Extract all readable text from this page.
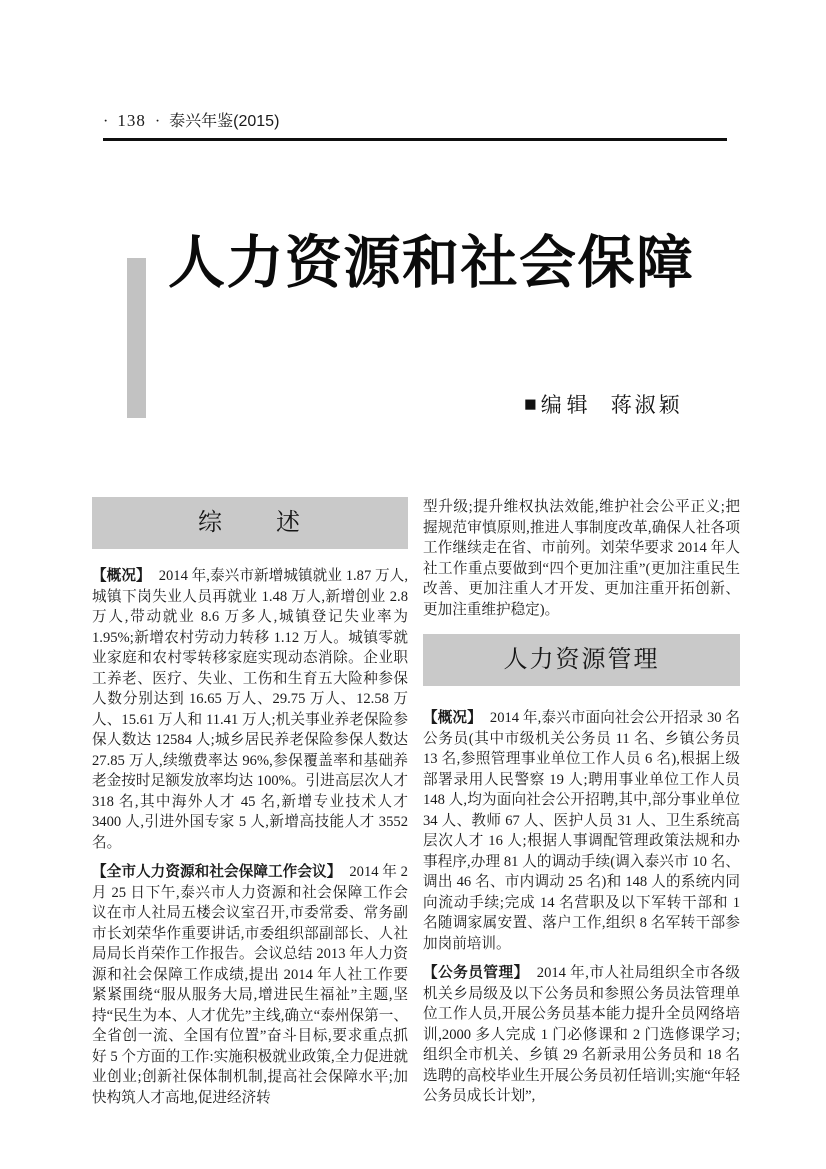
· 138 · 泰兴年鉴(2015)
人力资源和社会保障
■ 编辑 蒋淑颖
综　　述

【概况】 2014 年,泰兴市新增城镇就业 1.87 万人,城镇下岗失业人员再就业 1.48 万人,新增创业 2.8 万人,带动就业 8.6 万多人,城镇登记失业率为 1.95%;新增农村劳动力转移 1.12 万人。城镇零就业家庭和农村零转移家庭实现动态消除。企业职工养老、医疗、失业、工伤和生育五大险种参保人数分别达到 16.65 万人、29.75 万人、12.58 万人、15.61 万人和 11.41 万人;机关事业养老保险参保人数达 12584 人;城乡居民养老保险参保人数达 27.85 万人,续缴费率达 96%,参保覆盖率和基础养老金按时足额发放率均达 100%。引进高层次人才 318 名,其中海外人才 45 名,新增专业技术人才 3400 人,引进外国专家 5 人,新增高技能人才 3552 名。

【全市人力资源和社会保障工作会议】 2014 年 2 月 25 日下午,泰兴市人力资源和社会保障工作会议在市人社局五楼会议室召开,市委常委、常务副市长刘荣华作重要讲话,市委组织部副部长、人社局局长肖荣作工作报告。会议总结 2013 年人力资源和社会保障工作成绩,提出 2014 年人社工作要紧紧围绕“服从服务大局,增进民生福祉”主题,坚持“民生为本、人才优先”主线,确立“泰州保第一、全省创一流、全国有位置”奋斗目标,要求重点抓好 5 个方面的工作:实施积极就业政策,全力促进就业创业;创新社保体制机制,提高社会保障水平;加快构筑人才高地,促进经济转

型升级;提升维权执法效能,维护社会公平正义;把握规范审慎原则,推进人事制度改革,确保人社各项工作继续走在省、市前列。刘荣华要求 2014 年人社工作重点要做到“四个更加注重”(更加注重民生改善、更加注重人才开发、更加注重开拓创新、更加注重维护稳定)。

人力资源管理

【概况】 2014 年,泰兴市面向社会公开招录 30 名公务员(其中市级机关公务员 11 名、乡镇公务员 13 名,参照管理事业单位工作人员 6 名),根据上级部署录用人民警察 19 人;聘用事业单位工作人员 148 人,均为面向社会公开招聘,其中,部分事业单位 34 人、教师 67 人、医护人员 31 人、卫生系统高层次人才 16 人;根据人事调配管理政策法规和办事程序,办理 81 人的调动手续(调入泰兴市 10 名、调出 46 名、市内调动 25 名)和 148 人的系统内同向流动手续;完成 14 名营职及以下军转干部和 1 名随调家属安置、落户工作,组织 8 名军转干部参加岗前培训。

【公务员管理】 2014 年,市人社局组织全市各级机关乡局级及以下公务员和参照公务员法管理单位工作人员,开展公务员基本能力提升全员网络培训,2000 多人完成 1 门必修课和 2 门选修课学习;组织全市机关、乡镇 29 名新录用公务员和 18 名选聘的高校毕业生开展公务员初任培训;实施“年轻公务员成长计划”,
